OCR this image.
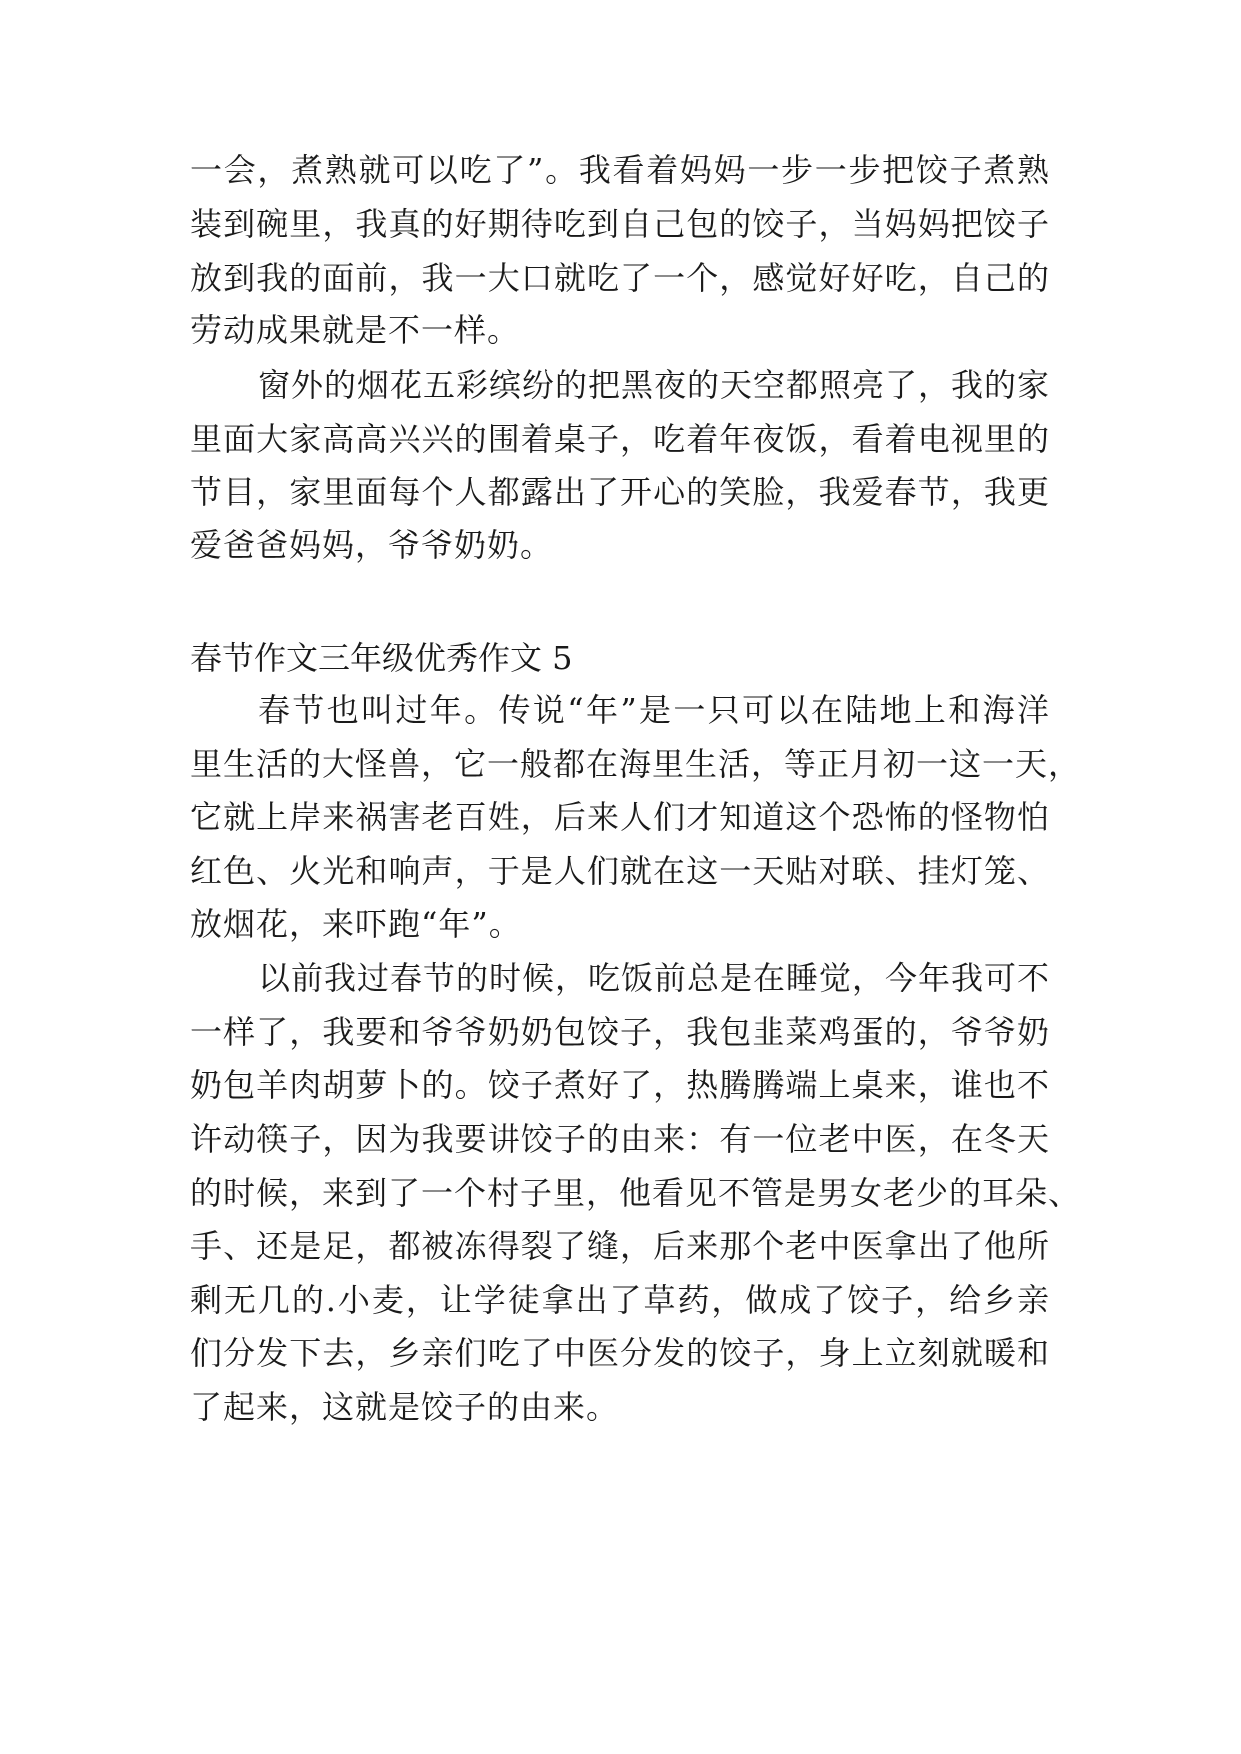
一会，煮熟就可以吃了”。我看着妈妈一步一步把饺子煮熟
装到碗里，我真的好期待吃到自己包的饺子，当妈妈把饺子
放到我的面前，我一大口就吃了一个，感觉好好吃，自己的
劳动成果就是不一样。
窗外的烟花五彩缤纷的把黑夜的天空都照亮了，我的家
里面大家高高兴兴的围着桌子，吃着年夜饭，看着电视里的
节目，家里面每个人都露出了开心的笑脸，我爱春节，我更
爱爸爸妈妈，爷爷奶奶。
春节作文三年级优秀作文 5
春节也叫过年。传说“年”是一只可以在陆地上和海洋
里生活的大怪兽，它一般都在海里生活，等正月初一这一天，
它就上岸来祸害老百姓，后来人们才知道这个恐怖的怪物怕
红色、火光和响声，于是人们就在这一天贴对联、挂灯笼、
放烟花，来吓跑“年”。
以前我过春节的时候，吃饭前总是在睡觉，今年我可不
一样了，我要和爷爷奶奶包饺子，我包韭菜鸡蛋的，爷爷奶
奶包羊肉胡萝卜的。饺子煮好了，热腾腾端上桌来，谁也不
许动筷子，因为我要讲饺子的由来：有一位老中医，在冬天
的时候，来到了一个村子里，他看见不管是男女老少的耳朵、
手、还是足，都被冻得裂了缝，后来那个老中医拿出了他所
剩无几的.小麦，让学徒拿出了草药，做成了饺子，给乡亲
们分发下去，乡亲们吃了中医分发的饺子，身上立刻就暖和
了起来，这就是饺子的由来。
